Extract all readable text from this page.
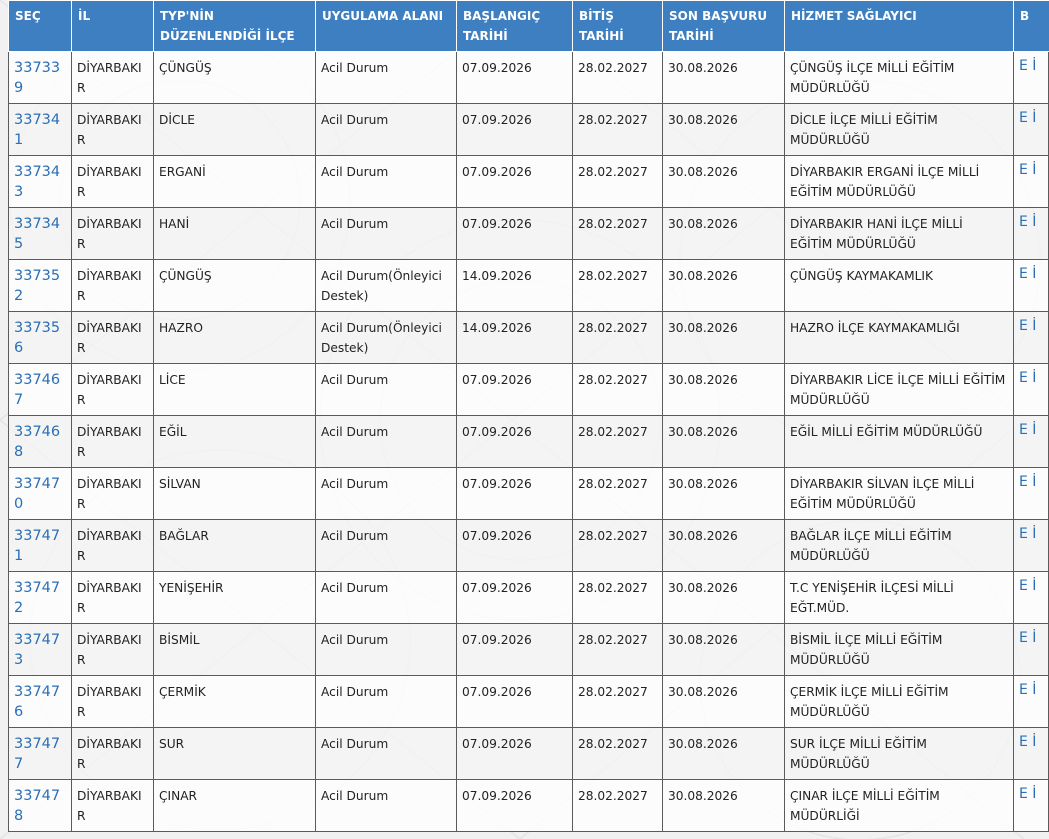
SEÇ	İL	TYP'NİN DÜZENLENDİĞİ İLÇE	UYGULAMA ALANI	BAŞLANGIÇ TARİHİ	BİTİŞ TARİHİ	SON BAŞVURU TARİHİ	HİZMET SAĞLAYICI	B
337339	DİYARBAKIR	ÇÜNGÜŞ	Acil Durum	07.09.2026	28.02.2027	30.08.2026	ÇÜNGÜŞ İLÇE MİLLİ EĞİTİM MÜDÜRLÜĞÜ	E İ
337341	DİYARBAKIR	DİCLE	Acil Durum	07.09.2026	28.02.2027	30.08.2026	DİCLE İLÇE MİLLİ EĞİTİM MÜDÜRLÜĞÜ	E İ
337343	DİYARBAKIR	ERGANİ	Acil Durum	07.09.2026	28.02.2027	30.08.2026	DİYARBAKIR ERGANİ İLÇE MİLLİ EĞİTİM MÜDÜRLÜĞÜ	E İ
337345	DİYARBAKIR	HANİ	Acil Durum	07.09.2026	28.02.2027	30.08.2026	DİYARBAKIR HANİ İLÇE MİLLİ EĞİTİM MÜDÜRLÜĞÜ	E İ
337352	DİYARBAKIR	ÇÜNGÜŞ	Acil Durum(Önleyici Destek)	14.09.2026	28.02.2027	30.08.2026	ÇÜNGÜŞ KAYMAKAMLIK	E İ
337356	DİYARBAKIR	HAZRO	Acil Durum(Önleyici Destek)	14.09.2026	28.02.2027	30.08.2026	HAZRO İLÇE KAYMAKAMLIĞI	E İ
337467	DİYARBAKIR	LİCE	Acil Durum	07.09.2026	28.02.2027	30.08.2026	DİYARBAKIR LİCE İLÇE MİLLİ EĞİTİM MÜDÜRLÜĞÜ	E İ
337468	DİYARBAKIR	EĞİL	Acil Durum	07.09.2026	28.02.2027	30.08.2026	EĞİL MİLLİ EĞİTİM MÜDÜRLÜĞÜ	E İ
337470	DİYARBAKIR	SİLVAN	Acil Durum	07.09.2026	28.02.2027	30.08.2026	DİYARBAKIR SİLVAN İLÇE MİLLİ EĞİTİM MÜDÜRLÜĞÜ	E İ
337471	DİYARBAKIR	BAĞLAR	Acil Durum	07.09.2026	28.02.2027	30.08.2026	BAĞLAR İLÇE MİLLİ EĞİTİM MÜDÜRLÜĞÜ	E İ
337472	DİYARBAKIR	YENİŞEHİR	Acil Durum	07.09.2026	28.02.2027	30.08.2026	T.C YENİŞEHİR İLÇESİ MİLLİ EĞT.MÜD.	E İ
337473	DİYARBAKIR	BİSMİL	Acil Durum	07.09.2026	28.02.2027	30.08.2026	BİSMİL İLÇE MİLLİ EĞİTİM MÜDÜRLÜĞÜ	E İ
337476	DİYARBAKIR	ÇERMİK	Acil Durum	07.09.2026	28.02.2027	30.08.2026	ÇERMİK İLÇE MİLLİ EĞİTİM MÜDÜRLÜĞÜ	E İ
337477	DİYARBAKIR	SUR	Acil Durum	07.09.2026	28.02.2027	30.08.2026	SUR İLÇE MİLLİ EĞİTİM MÜDÜRLÜĞÜ	E İ
337478	DİYARBAKIR	ÇINAR	Acil Durum	07.09.2026	28.02.2027	30.08.2026	ÇINAR İLÇE MİLLİ EĞİTİM MÜDÜRLİĞİ	E İ
